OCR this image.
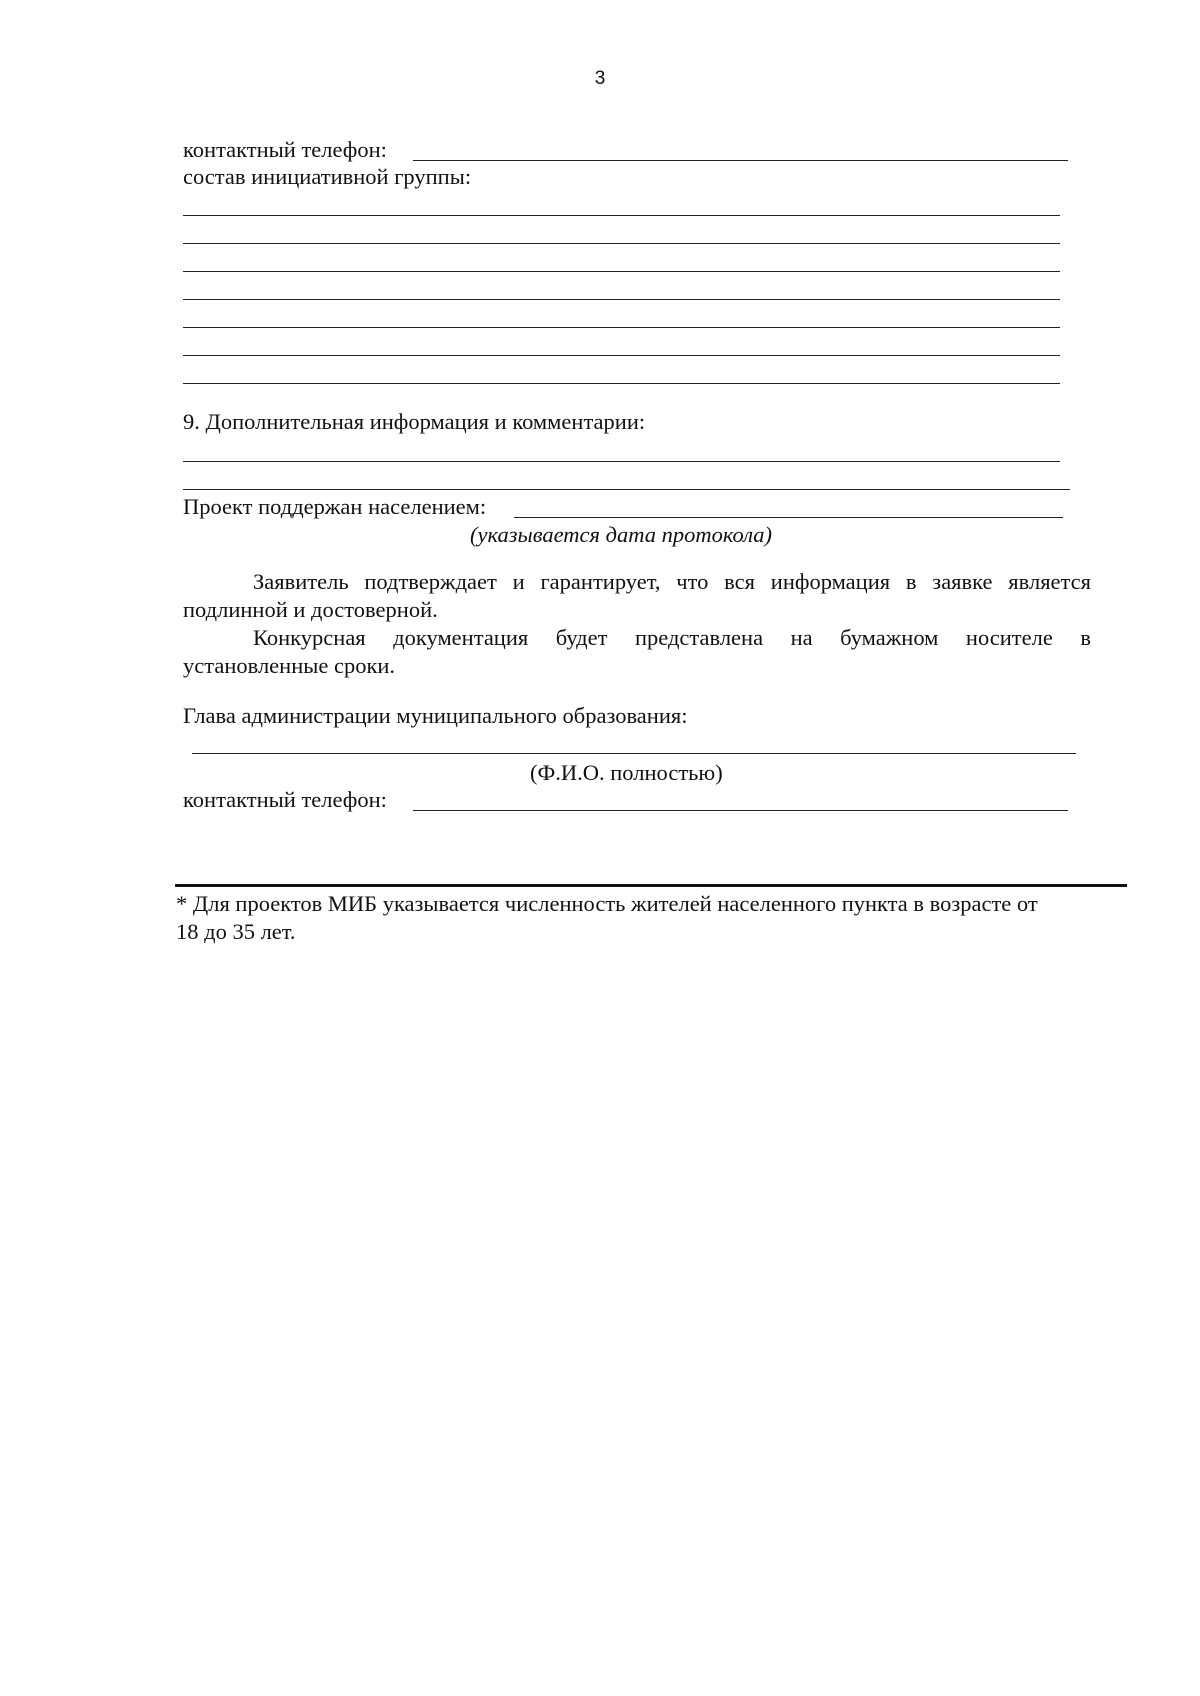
3
контактный телефон:
состав инициативной группы:
9. Дополнительная информация и комментарии:
Проект поддержан населением:
(указывается дата протокола)
Заявитель подтверждает и гарантирует, что вся информация в заявке является
подлинной и достоверной.
Конкурсная документация будет представлена на бумажном носителе в
установленные сроки.
Глава администрации муниципального образования:
(Ф.И.О. полностью)
контактный телефон:
* Для проектов МИБ указывается численность жителей населенного пункта в возрасте от
18 до 35 лет.
